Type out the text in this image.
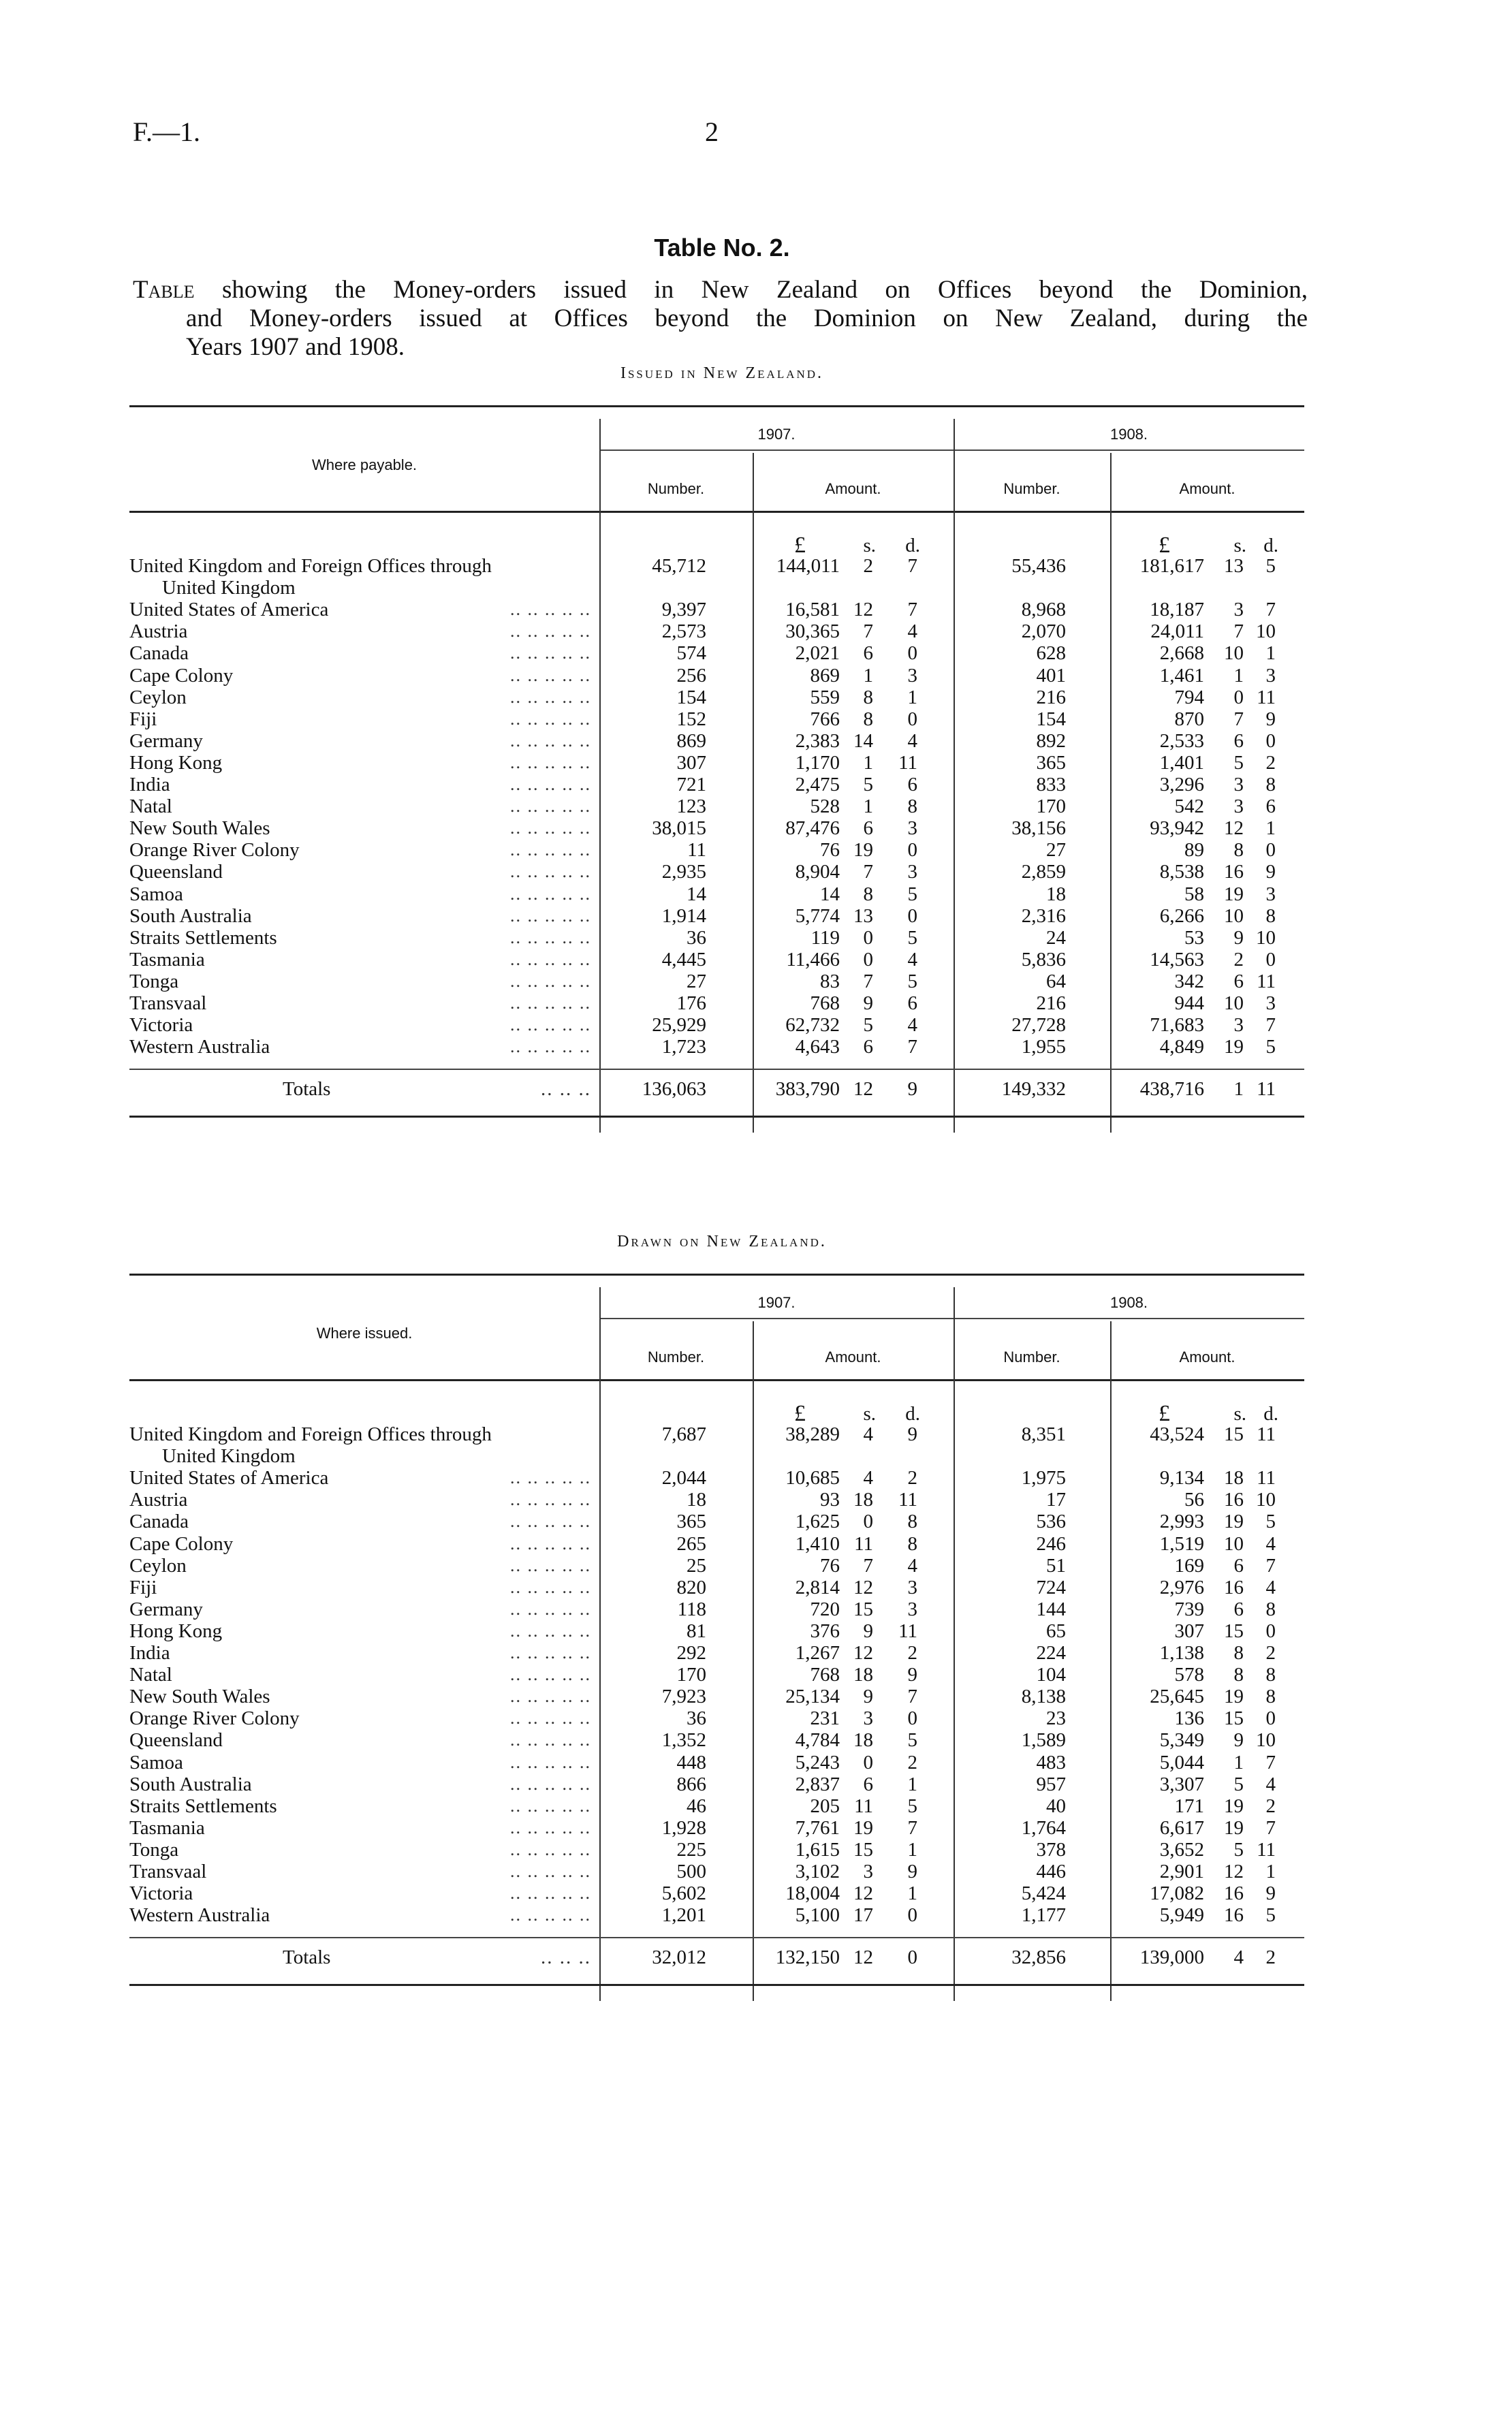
F.—1.	2
Table No. 2.
Table showing the Money-orders issued in New Zealand on Offices beyond the Dominion,
and Money-orders issued at Offices beyond the Dominion on New Zealand, during the
Years 1907 and 1908.
Issued in New Zealand.
Where payable.
1907.	1908.
Number.	Amount.	Number.	Amount.
£	s. d.	£	s. d.
United Kingdom and Foreign Offices through	45,712	144,011 2 7	55,436	181,617 13 5
United Kingdom
United States of America	.. .. .. .. ..	9,397	16,581 12 7	8,968	18,187 3 7
Austria	.. .. .. .. ..	2,573	30,365 7 4	2,070	24,011 7 10
Canada	.. .. .. .. ..	574	2,021 6 0	628	2,668 10 1
Cape Colony	.. .. .. .. ..	256	869 1 3	401	1,461 1 3
Ceylon	.. .. .. .. ..	154	559 8 1	216	794 0 11
Fiji	.. .. .. .. ..	152	766 8 0	154	870 7 9
Germany	.. .. .. .. ..	869	2,383 14 4	892	2,533 6 0
Hong Kong	.. .. .. .. ..	307	1,170 1 11	365	1,401 5 2
India	.. .. .. .. ..	721	2,475 5 6	833	3,296 3 8
Natal	.. .. .. .. ..	123	528 1 8	170	542 3 6
New South Wales	.. .. .. .. ..	38,015	87,476 6 3	38,156	93,942 12 1
Orange River Colony	.. .. .. .. ..	11	76 19 0	27	89 8 0
Queensland	.. .. .. .. ..	2,935	8,904 7 3	2,859	8,538 16 9
Samoa	.. .. .. .. ..	14	14 8 5	18	58 19 3
South Australia	.. .. .. .. ..	1,914	5,774 13 0	2,316	6,266 10 8
Straits Settlements	.. .. .. .. ..	36	119 0 5	24	53 9 10
Tasmania	.. .. .. .. ..	4,445	11,466 0 4	5,836	14,563 2 0
Tonga	.. .. .. .. ..	27	83 7 5	64	342 6 11
Transvaal	.. .. .. .. ..	176	768 9 6	216	944 10 3
Victoria	.. .. .. .. ..	25,929	62,732 5 4	27,728	71,683 3 7
Western Australia	.. .. .. .. ..	1,723	4,643 6 7	1,955	4,849 19 5
Totals	.. .. ..	136,063	383,790 12 9	149,332	438,716 1 11
Drawn on New Zealand.
Where issued.
1907.	1908.
Number.	Amount.	Number.	Amount.
£	s. d.	£	s. d.
United Kingdom and Foreign Offices through	7,687	38,289 4 9	8,351	43,524 15 11
United Kingdom
United States of America	.. .. .. .. ..	2,044	10,685 4 2	1,975	9,134 18 11
Austria	.. .. .. .. ..	18	93 18 11	17	56 16 10
Canada	.. .. .. .. ..	365	1,625 0 8	536	2,993 19 5
Cape Colony	.. .. .. .. ..	265	1,410 11 8	246	1,519 10 4
Ceylon	.. .. .. .. ..	25	76 7 4	51	169 6 7
Fiji	.. .. .. .. ..	820	2,814 12 3	724	2,976 16 4
Germany	.. .. .. .. ..	118	720 15 3	144	739 6 8
Hong Kong	.. .. .. .. ..	81	376 9 11	65	307 15 0
India	.. .. .. .. ..	292	1,267 12 2	224	1,138 8 2
Natal	.. .. .. .. ..	170	768 18 9	104	578 8 8
New South Wales	.. .. .. .. ..	7,923	25,134 9 7	8,138	25,645 19 8
Orange River Colony	.. .. .. .. ..	36	231 3 0	23	136 15 0
Queensland	.. .. .. .. ..	1,352	4,784 18 5	1,589	5,349 9 10
Samoa	.. .. .. .. ..	448	5,243 0 2	483	5,044 1 7
South Australia	.. .. .. .. ..	866	2,837 6 1	957	3,307 5 4
Straits Settlements	.. .. .. .. ..	46	205 11 5	40	171 19 2
Tasmania	.. .. .. .. ..	1,928	7,761 19 7	1,764	6,617 19 7
Tonga	.. .. .. .. ..	225	1,615 15 1	378	3,652 5 11
Transvaal	.. .. .. .. ..	500	3,102 3 9	446	2,901 12 1
Victoria	.. .. .. .. ..	5,602	18,004 12 1	5,424	17,082 16 9
Western Australia	.. .. .. .. ..	1,201	5,100 17 0	1,177	5,949 16 5
Totals	.. .. ..	32,012	132,150 12 0	32,856	139,000 4 2
